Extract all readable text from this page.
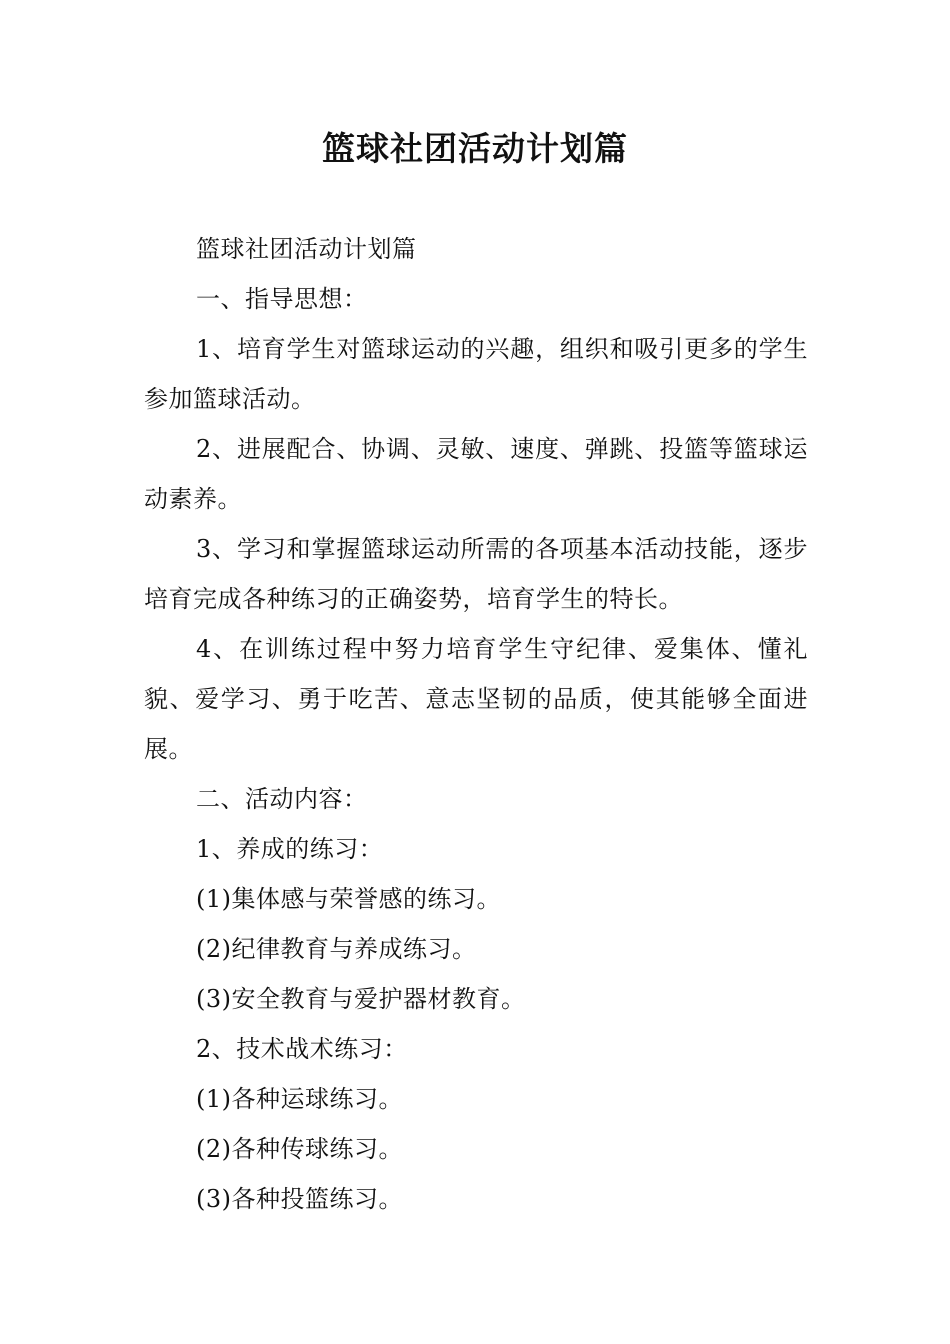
篮球社团活动计划篇

篮球社团活动计划篇

一、指导思想：

1、培育学生对篮球运动的兴趣，组织和吸引更多的学生参加篮球活动。

2、进展配合、协调、灵敏、速度、弹跳、投篮等篮球运动素养。

3、学习和掌握篮球运动所需的各项基本活动技能，逐步培育完成各种练习的正确姿势，培育学生的特长。

4、在训练过程中努力培育学生守纪律、爱集体、懂礼貌、爱学习、勇于吃苦、意志坚韧的品质，使其能够全面进展。

二、活动内容：

1、养成的练习：

(1)集体感与荣誉感的练习。

(2)纪律教育与养成练习。

(3)安全教育与爱护器材教育。

2、技术战术练习：

(1)各种运球练习。

(2)各种传球练习。

(3)各种投篮练习。
